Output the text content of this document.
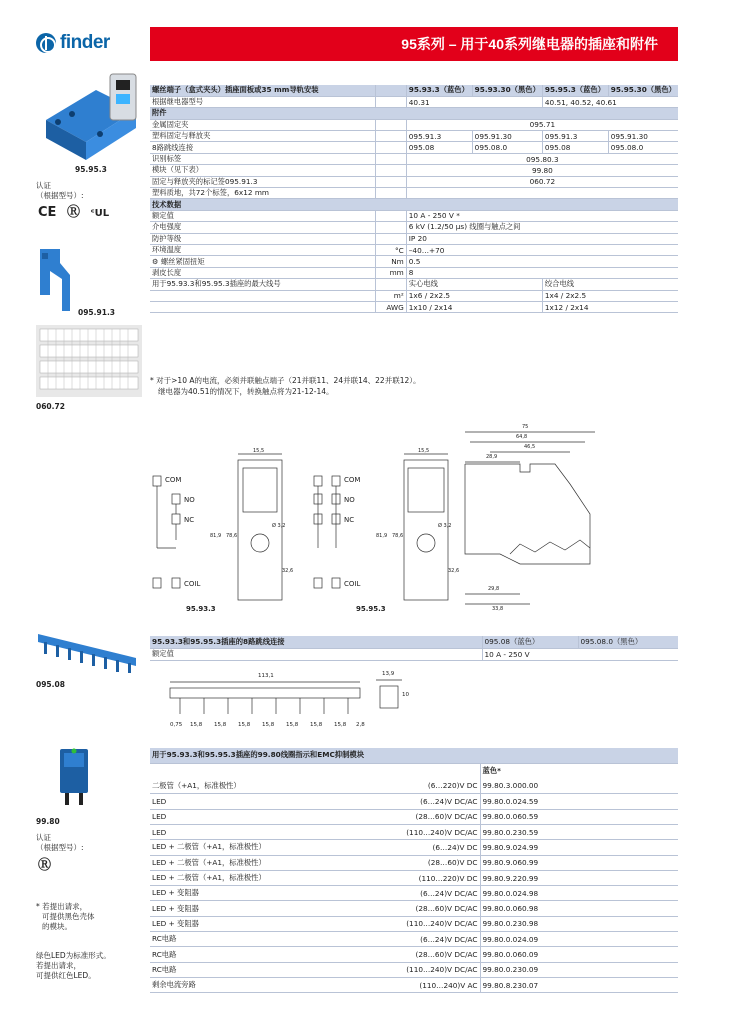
finder	95系列 – 用于40系列继电器的插座和附件
95.95.3
认证
（根据型号）:
CE Ⓡ ᶜUL
095.91.3
060.72
螺丝端子（盒式夹头）插座面板或35 mm导轨安装		95.93.3（蓝色）	95.93.30（黑色）	95.95.3（蓝色）	95.95.30（黑色）
根据继电器型号		40.31		40.51, 40.52, 40.61	
附件					
金属固定夹		095.71			
塑料固定与释放夹		095.91.3	095.91.30	095.91.3	095.91.30
8路跳线连接		095.08	095.08.0	095.08	095.08.0
识别标签		095.80.3			
模块（见下表）		99.80			
固定与释放夹的标记签095.91.3		060.72			
塑料质地，共72个标签，6x12 mm					
技术数据					
额定值		10 A - 250 V *			
介电强度		6 kV (1.2/50 µs) 线圈与触点之间			
防护等级		IP 20			
环境温度	°C	–40…+70			
⚙ 螺丝紧固扭矩	Nm	0.5			
剥皮长度	mm	8			
用于95.93.3和95.95.3插座的最大线号		实心电线		绞合电线	
	m²	1x6 / 2x2.5		1x4 / 2x2.5	
	AWG	1x10 / 2x14		1x12 / 2x14	
* 对于>10 A的电流，必须并联触点端子（21并联11、24并联14、22并联12）。
继电器为40.51的情况下，转换触点将为21-12-14。
COM
NO
NC
COIL
15,5
81,9 78,6
Ø 3,2
32,6
95.93.3
COM
NO
NC
COIL
15,5
81,9 78,6
Ø 3,2
32,6
95.95.3
75
64,8
46,5
28,9
29,8
33,8
095.08
95.93.3和95.95.3插座的8路跳线连接	095.08（蓝色）	095.08.0（黑色）
额定值	10 A - 250 V	
113,1	13,9
10
0,75 15,8 15,8 15,8 15,8 15,8 15,8 15,8 2,8
99.80
认证
（根据型号）:
Ⓡ
* 若提出请求，
可提供黑色壳体
的模块。
绿色LED为标准形式。
若提出请求，
可提供红色LED。
用于95.93.3和95.95.3插座的99.80线圈指示和EMC抑制模块		
		蓝色*
二极管（+A1，标准极性）	(6…220)V DC	99.80.3.000.00
LED	(6…24)V DC/AC	99.80.0.024.59
LED	(28…60)V DC/AC	99.80.0.060.59
LED	(110…240)V DC/AC	99.80.0.230.59
LED + 二极管（+A1，标准极性）	(6…24)V DC	99.80.9.024.99
LED + 二极管（+A1，标准极性）	(28…60)V DC	99.80.9.060.99
LED + 二极管（+A1，标准极性）	(110…220)V DC	99.80.9.220.99
LED + 变阻器	(6…24)V DC/AC	99.80.0.024.98
LED + 变阻器	(28…60)V DC/AC	99.80.0.060.98
LED + 变阻器	(110…240)V DC/AC	99.80.0.230.98
RC电路	(6…24)V DC/AC	99.80.0.024.09
RC电路	(28…60)V DC/AC	99.80.0.060.09
RC电路	(110…240)V DC/AC	99.80.0.230.09
剩余电流旁路	(110…240)V AC	99.80.8.230.07
